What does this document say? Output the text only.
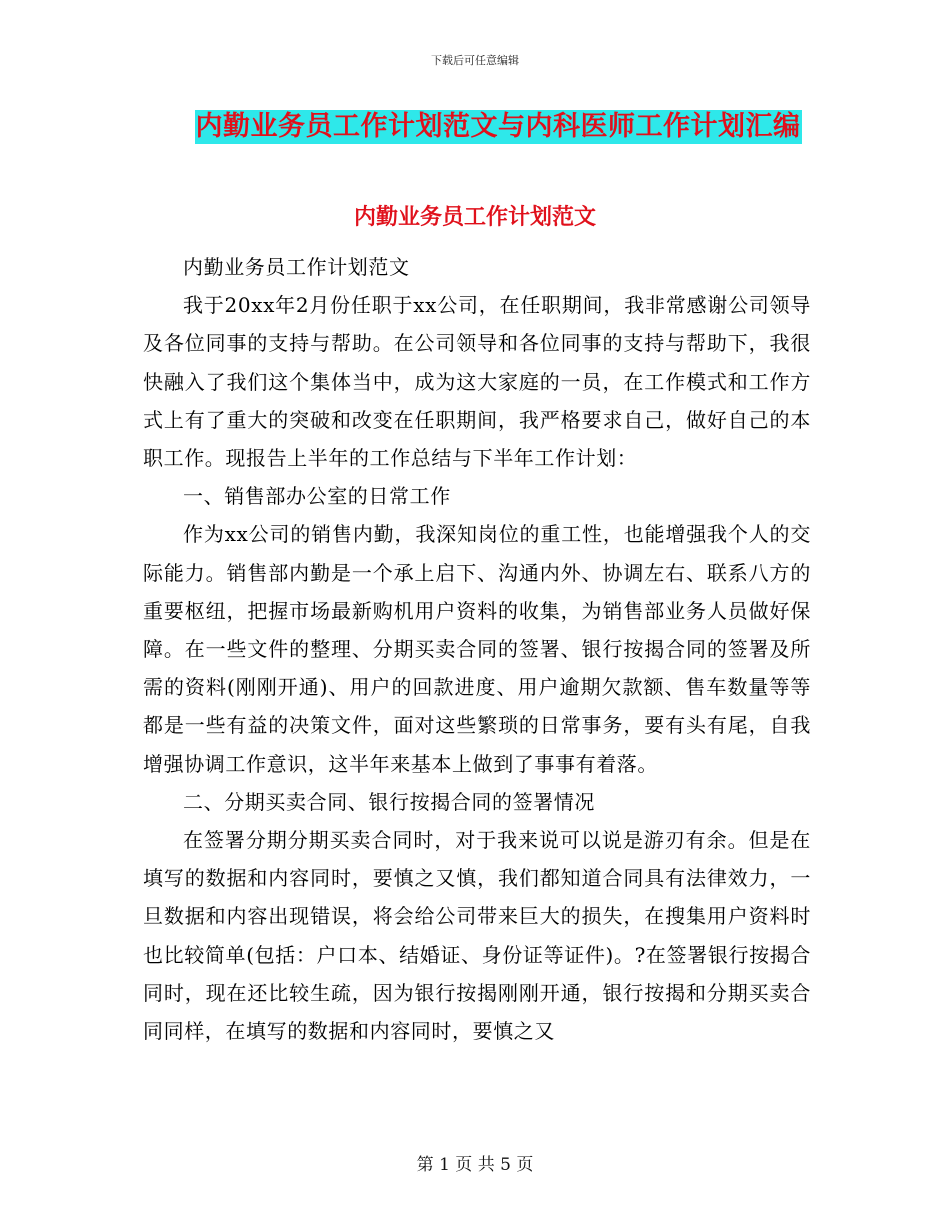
下载后可任意编辑
内勤业务员工作计划范文与内科医师工作计划汇编
内勤业务员工作计划范文

内勤业务员工作计划范文

我于20xx年2月份任职于xx公司，在任职期间，我非常感谢公司领导及各位同事的支持与帮助。在公司领导和各位同事的支持与帮助下，我很快融入了我们这个集体当中，成为这大家庭的一员，在工作模式和工作方式上有了重大的突破和改变在任职期间，我严格要求自己，做好自己的本职工作。现报告上半年的工作总结与下半年工作计划：

一、销售部办公室的日常工作

作为xx公司的销售内勤，我深知岗位的重工性，也能增强我个人的交际能力。销售部内勤是一个承上启下、沟通内外、协调左右、联系八方的重要枢纽，把握市场最新购机用户资料的收集，为销售部业务人员做好保障。在一些文件的整理、分期买卖合同的签署、银行按揭合同的签署及所需的资料(刚刚开通)、用户的回款进度、用户逾期欠款额、售车数量等等都是一些有益的决策文件，面对这些繁琐的日常事务，要有头有尾，自我增强协调工作意识，这半年来基本上做到了事事有着落。

二、分期买卖合同、银行按揭合同的签署情况

在签署分期分期买卖合同时，对于我来说可以说是游刃有余。但是在填写的数据和内容同时，要慎之又慎，我们都知道合同具有法律效力，一旦数据和内容出现错误，将会给公司带来巨大的损失，在搜集用户资料时也比较简单(包括：户口本、结婚证、身份证等证件)。?在签署银行按揭合同时，现在还比较生疏，因为银行按揭刚刚开通，银行按揭和分期买卖合同同样，在填写的数据和内容同时，要慎之又

第 1 页 共 5 页
